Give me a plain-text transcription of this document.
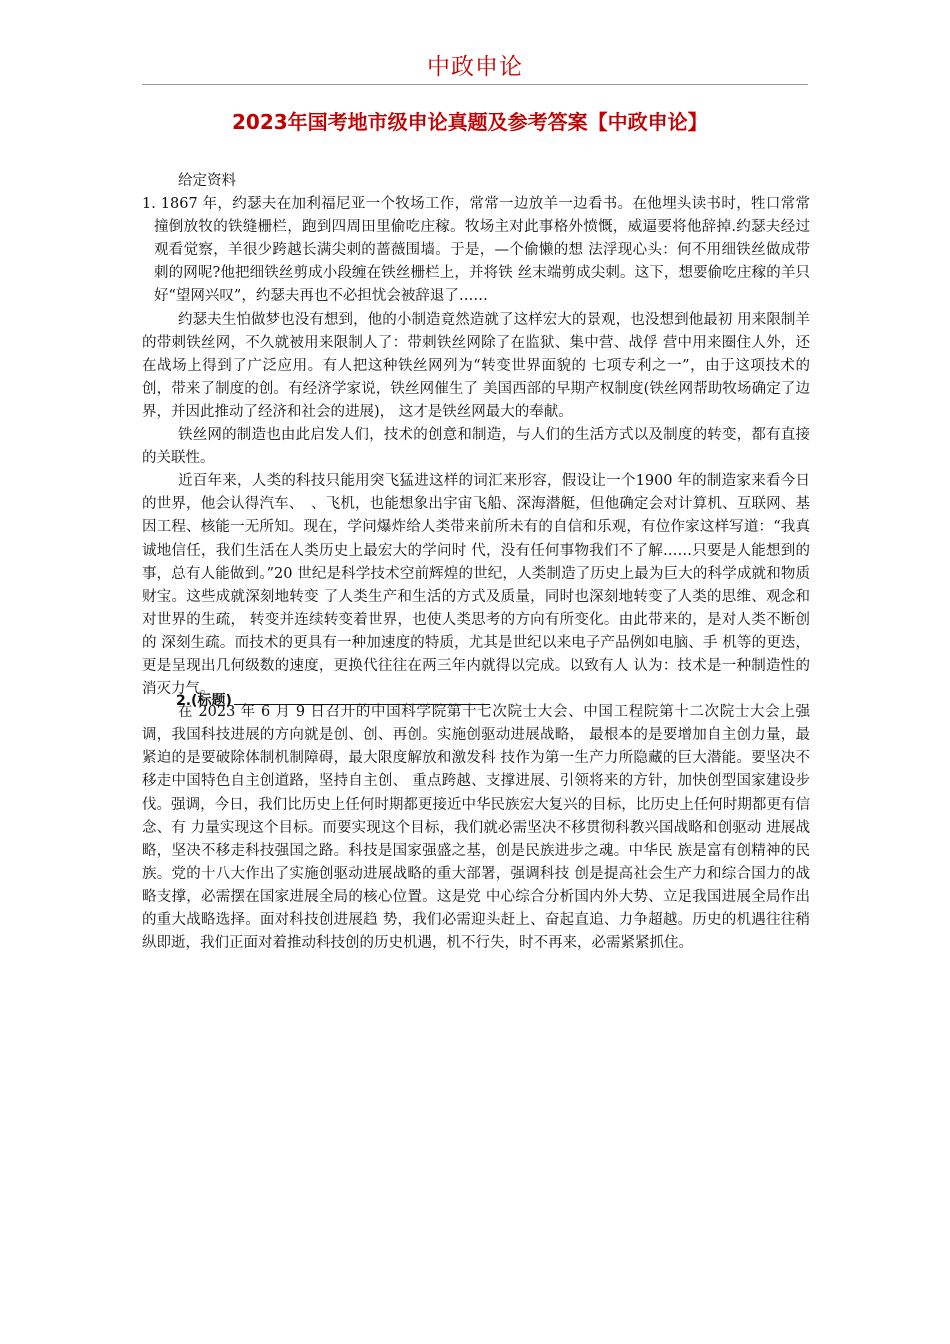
中政申论
2023年国考地市级申论真题及参考答案【中政申论】

给定资料

1. 1867 年，约瑟夫在加利福尼亚一个牧场工作，常常一边放羊一边看书。在他埋头读书时，牲口常常撞倒放牧的铁缝栅栏，跑到四周田里偷吃庄稼。牧场主对此事格外愤慨，威逼要将他辞掉.约瑟夫经过观看觉察，羊很少跨越长满尖刺的蔷薇围墙。于是，—个偷懒的想 法浮现心头：何不用细铁丝做成带刺的网呢?他把细铁丝剪成小段缠在铁丝栅栏上，并将铁 丝末端剪成尖刺。这下，想要偷吃庄稼的羊只好“望网兴叹”，约瑟夫再也不必担忧会被辞退了……

约瑟夫生怕做梦也没有想到，他的小制造竟然造就了这样宏大的景观，也没想到他最初 用来限制羊的带刺铁丝网，不久就被用来限制人了：带刺铁丝网除了在监狱、集中营、战俘 营中用来圈住人外，还在战场上得到了广泛应用。有人把这种铁丝网列为“转变世界面貌的 七项专利之一”，由于这项技术的创，带来了制度的创。有经济学家说，铁丝网催生了 美国西部的早期产权制度(铁丝网帮助牧场确定了边界，并因此推动了经济和社会的进展)， 这才是铁丝网最大的奉献。

铁丝网的制造也由此启发人们，技术的创意和制造，与人们的生活方式以及制度的转变，都有直接的关联性。

近百年来，人类的科技只能用突飞猛进这样的词汇来形容，假设让一个1900 年的制造家来看今日的世界，他会认得汽车、　、飞机，也能想象出宇宙飞船、深海潜艇，但他确定会对计算机、互联网、基因工程、核能一无所知。现在，学问爆炸给人类带来前所未有的自信和乐观，有位作家这样写道：“我真诚地信任，我们生活在人类历史上最宏大的学问时 代，没有任何事物我们不了解……只要是人能想到的事，总有人能做到。”20 世纪是科学技术空前辉煌的世纪，人类制造了历史上最为巨大的科学成就和物质财宝。这些成就深刻地转变 了人类生产和生活的方式及质量，同时也深刻地转变了人类的思维、观念和对世界的生疏， 转变并连续转变着世界，也使人类思考的方向有所变化。由此带来的，是对人类不断创的 深刻生疏。而技术的更具有一种加速度的特质，尤其是世纪以来电子产品例如电脑、手 机等的更迭，更是呈现出几何级数的速度，更换代往往在两三年内就得以完成。以致有人 认为：技术是一种制造性的消灭力气。

在 2023 年 6 月 9 日召开的中国科学院第十七次院士大会、中国工程院第十二次院士大会上强调，我国科技进展的方向就是创、创、再创。实施创驱动进展战略， 最根本的是要增加自主创力量，最紧迫的是要破除体制机制障碍，最大限度解放和激发科 技作为第一生产力所隐藏的巨大潜能。要坚决不移走中国特色自主创道路，坚持自主创、 重点跨越、支撑进展、引领将来的方针，加快创型国家建设步伐。强调，今日，我们比历史上任何时期都更接近中华民族宏大复兴的目标，比历史上任何时期都更有信念、有 力量实现这个目标。而要实现这个目标，我们就必需坚决不移贯彻科教兴国战略和创驱动 进展战略，坚决不移走科技强国之路。科技是国家强盛之基，创是民族进步之魂。中华民 族是富有创精神的民族。党的十八大作出了实施创驱动进展战略的重大部署，强调科技 创是提高社会生产力和综合国力的战略支撑，必需摆在国家进展全局的核心位置。这是党 中心综合分析国内外大势、立足我国进展全局作出的重大战略选择。面对科技创进展趋 势，我们必需迎头赶上、奋起直追、力争超越。历史的机遇往往稍纵即逝，我们正面对着推动科技创的历史机遇，机不行失，时不再来，必需紧紧抓住。

2.(标题)
